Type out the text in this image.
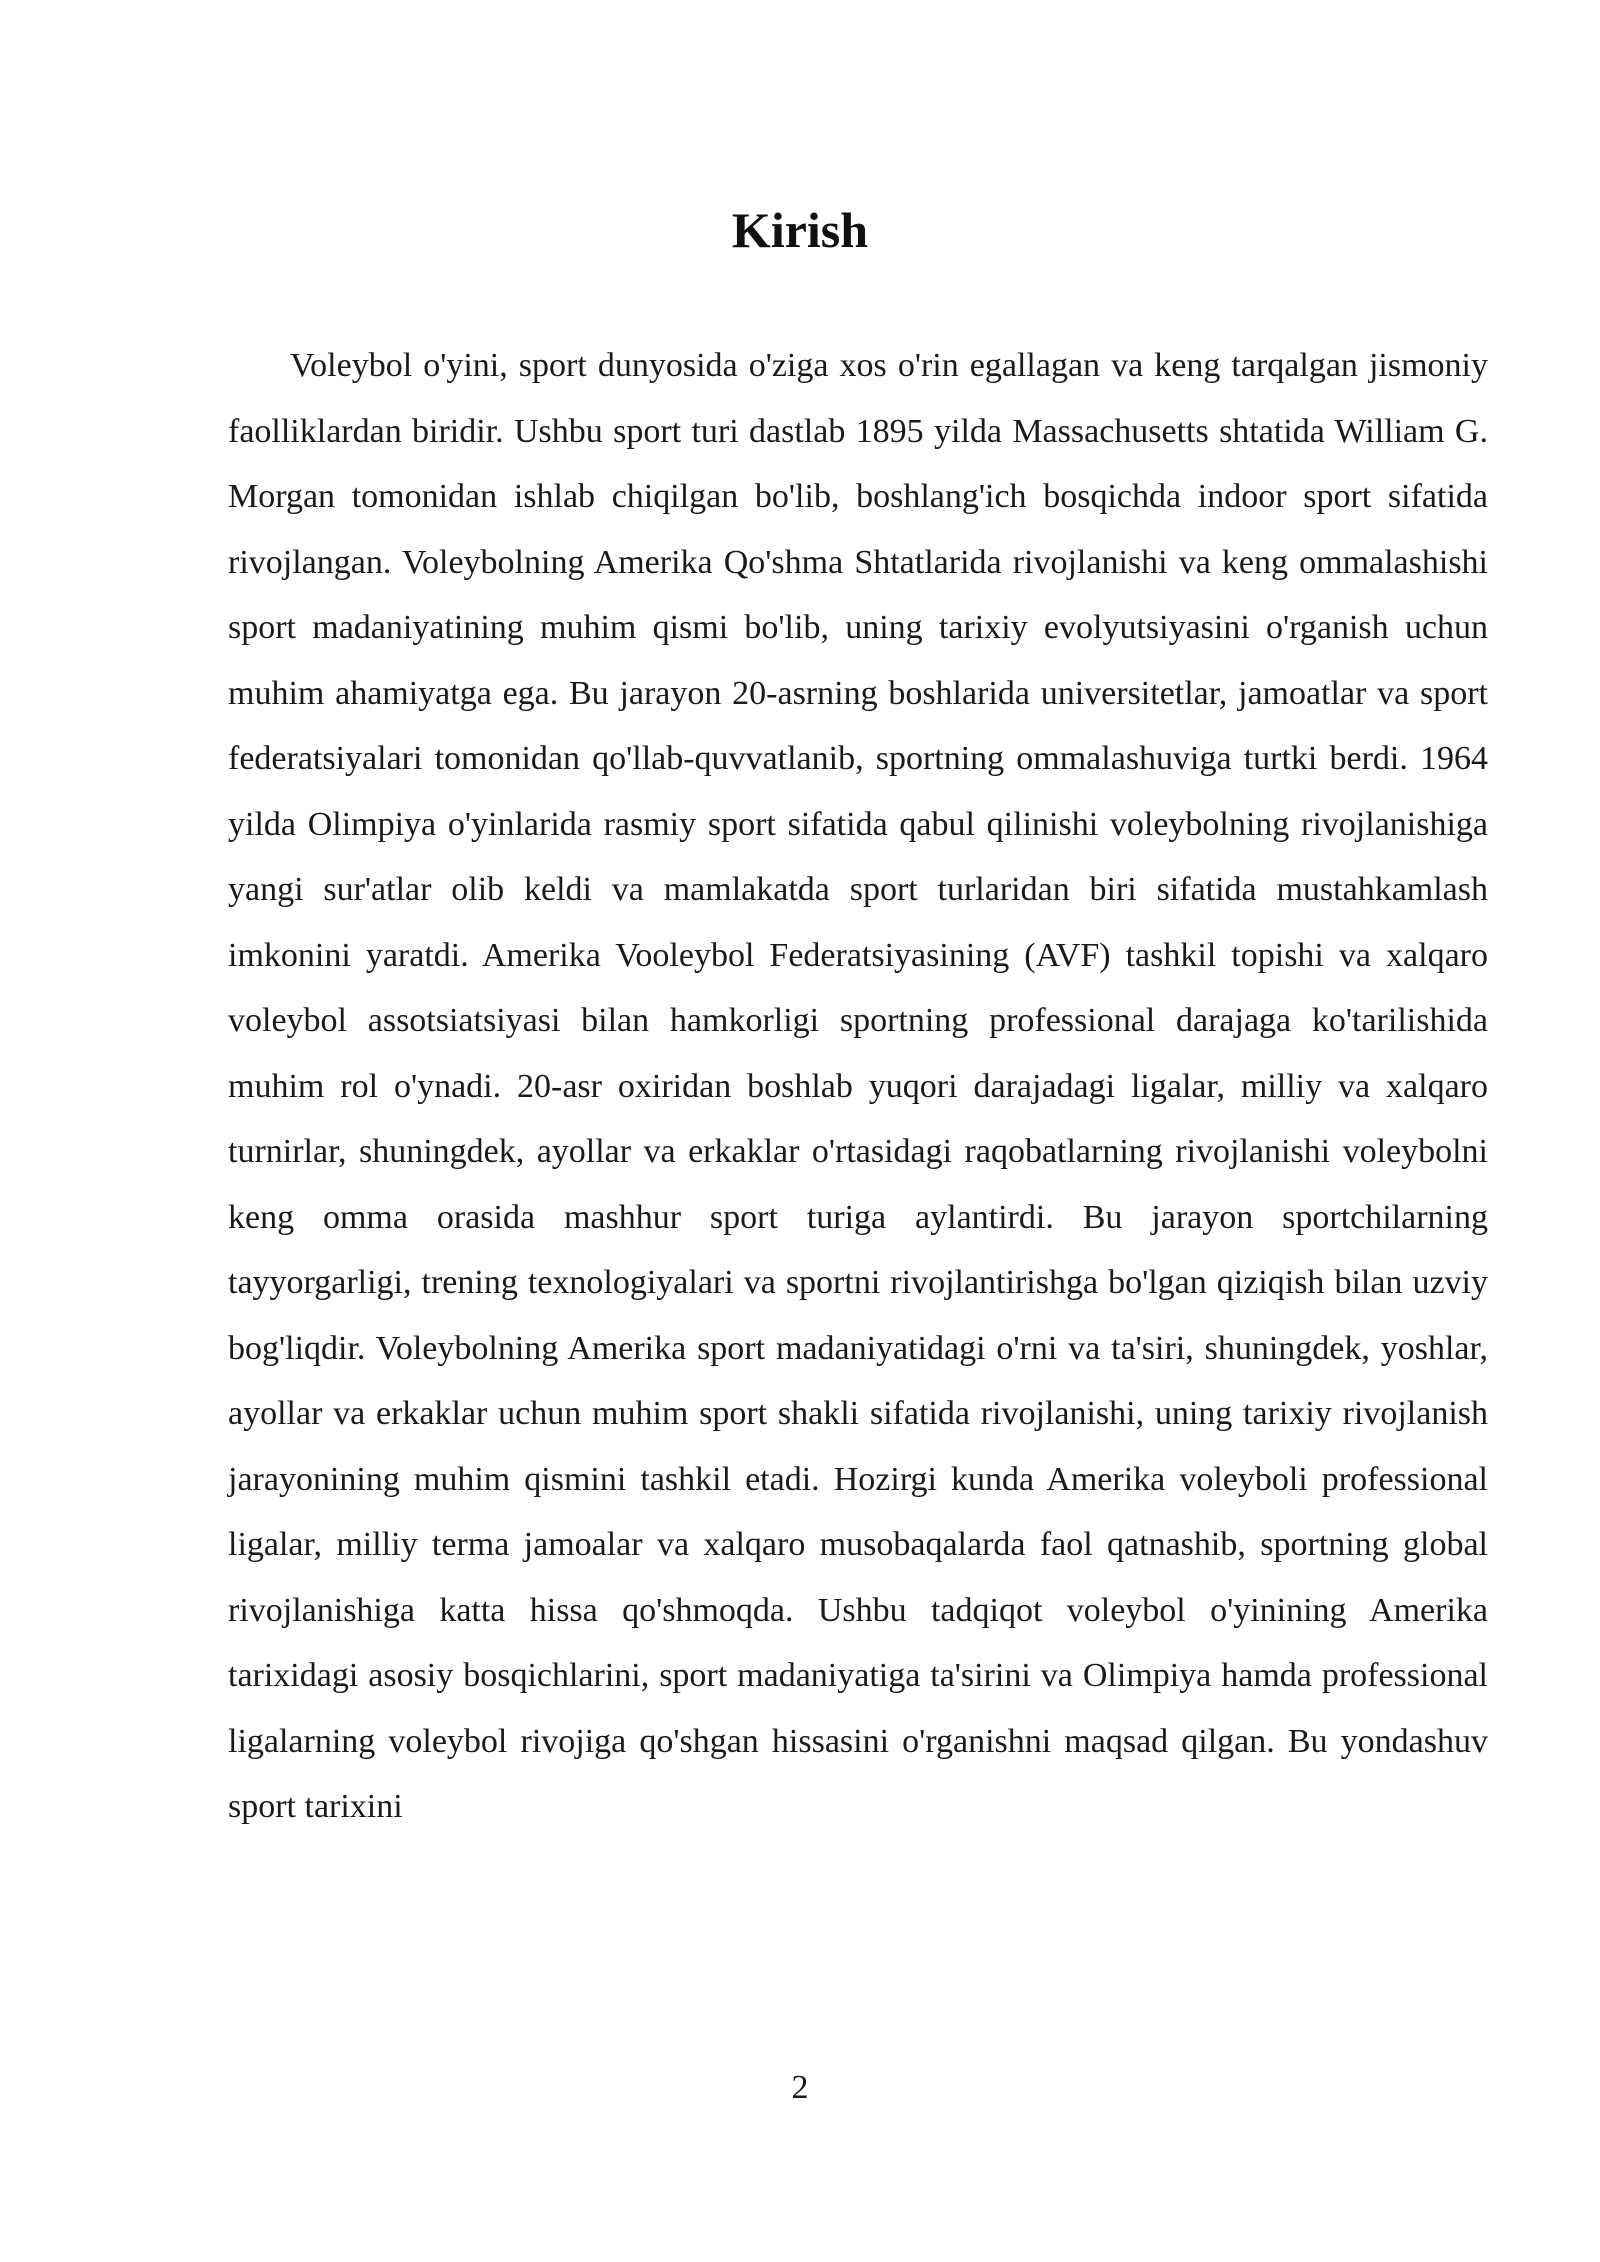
Kirish

Voleybol o'yini, sport dunyosida o'ziga xos o'rin egallagan va keng tarqalgan jismoniy faolliklardan biridir. Ushbu sport turi dastlab 1895 yilda Massachusetts shtatida William G. Morgan tomonidan ishlab chiqilgan bo'lib, boshlang'ich bosqichda indoor sport sifatida rivojlangan. Voleybolning Amerika Qo'shma Shtatlarida rivojlanishi va keng ommalashishi sport madaniyatining muhim qismi bo'lib, uning tarixiy evolyutsiyasini o'rganish uchun muhim ahamiyatga ega. Bu jarayon 20-asrning boshlarida universitetlar, jamoatlar va sport federatsiyalari tomonidan qo'llab-quvvatlanib, sportning ommalashuviga turtki berdi. 1964 yilda Olimpiya o'yinlarida rasmiy sport sifatida qabul qilinishi voleybolning rivojlanishiga yangi sur'atlar olib keldi va mamlakatda sport turlaridan biri sifatida mustahkamlash imkonini yaratdi. Amerika Vooleybol Federatsiyasining (AVF) tashkil topishi va xalqaro voleybol assotsiatsiyasi bilan hamkorligi sportning professional darajaga ko'tarilishida muhim rol o'ynadi. 20-asr oxiridan boshlab yuqori darajadagi ligalar, milliy va xalqaro turnirlar, shuningdek, ayollar va erkaklar o'rtasidagi raqobatlarning rivojlanishi voleybolni keng omma orasida mashhur sport turiga aylantirdi. Bu jarayon sportchilarning tayyorgarligi, trening texnologiyalari va sportni rivojlantirishga bo'lgan qiziqish bilan uzviy bog'liqdir. Voleybolning Amerika sport madaniyatidagi o'rni va ta'siri, shuningdek, yoshlar, ayollar va erkaklar uchun muhim sport shakli sifatida rivojlanishi, uning tarixiy rivojlanish jarayonining muhim qismini tashkil etadi. Hozirgi kunda Amerika voleyboli professional ligalar, milliy terma jamoalar va xalqaro musobaqalarda faol qatnashib, sportning global rivojlanishiga katta hissa qo'shmoqda. Ushbu tadqiqot voleybol o'yinining Amerika tarixidagi asosiy bosqichlarini, sport madaniyatiga ta'sirini va Olimpiya hamda professional ligalarning voleybol rivojiga qo'shgan hissasini o'rganishni maqsad qilgan. Bu yondashuv sport tarixini

2
